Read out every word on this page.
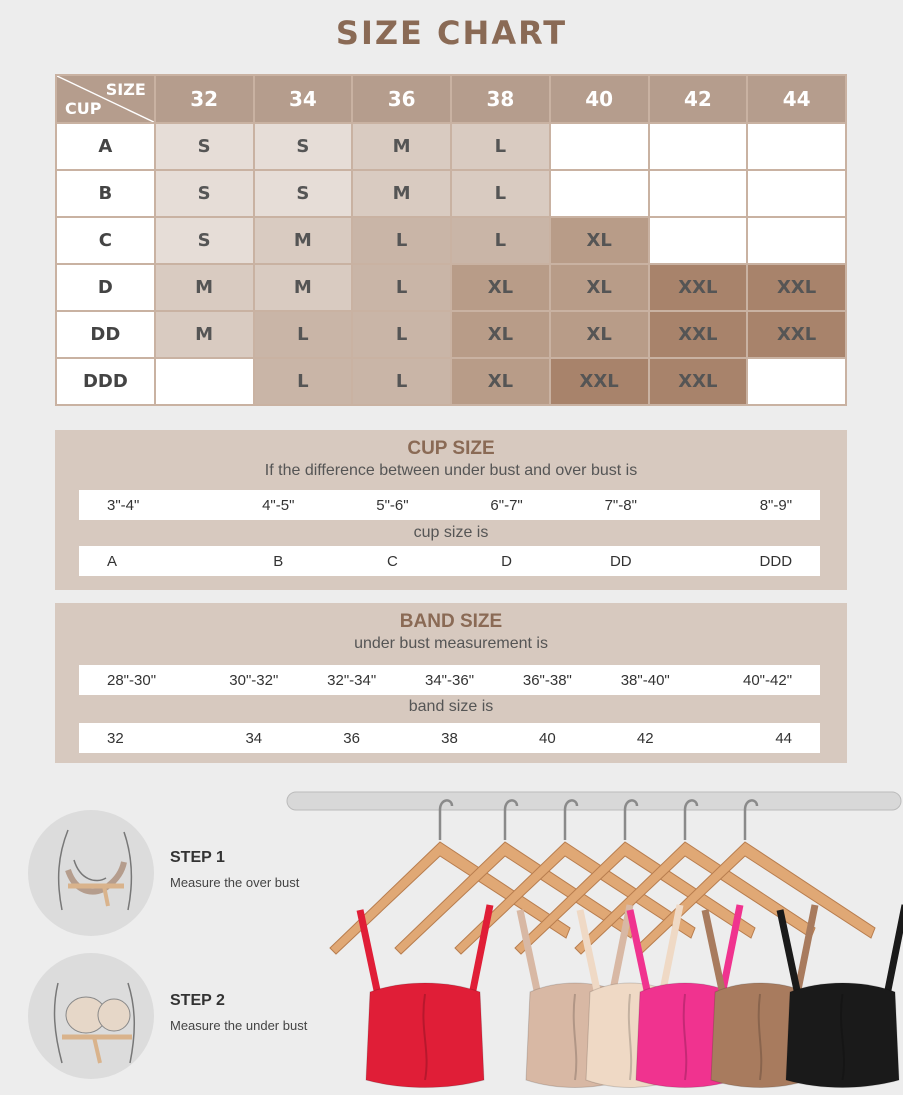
SIZE CHART
SIZE
CUP	32	34	36	38	40	42	44
A	S	S	M	L			
B	S	S	M	L			
C	S	M	L	L	XL		
D	M	M	L	XL	XL	XXL	XXL
DD	M	L	L	XL	XL	XXL	XXL
DDD		L	L	XL	XXL	XXL	
CUP SIZE
If the difference between under bust and over bust is
3"-4"	4"-5"	5"-6"	6"-7"	7"-8"	8"-9"
cup size is
A	B	C	D	DD	DDD
BAND SIZE
under bust measurement is
28"-30"	30"-32"	32"-34"	34"-36"	36"-38"	38"-40"	40"-42"
band size is
32	34	36	38	40	42	44
STEP 1
Measure the over bust
STEP 2
Measure the under bust
